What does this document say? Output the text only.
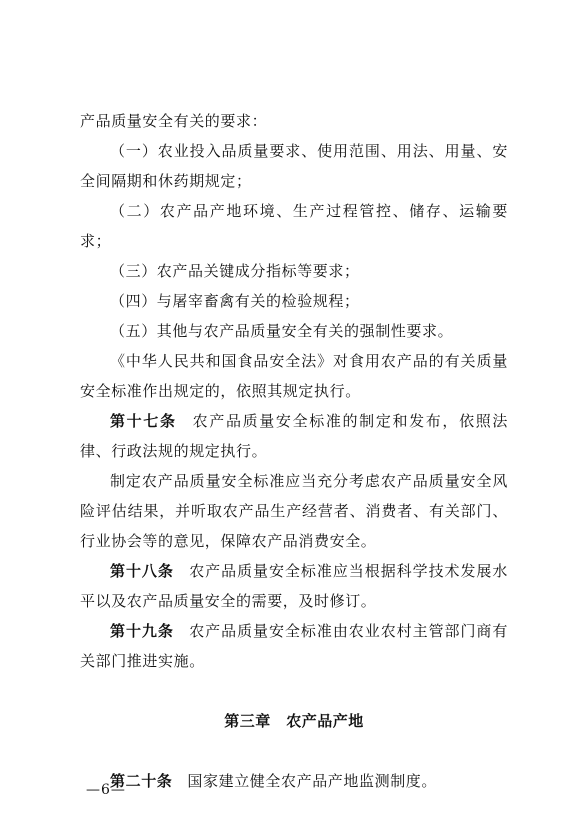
产品质量安全有关的要求：

（一）农业投入品质量要求、使用范围、用法、用量、安全间隔期和休药期规定；

（二）农产品产地环境、生产过程管控、储存、运输要求；

（三）农产品关键成分指标等要求；

（四）与屠宰畜禽有关的检验规程；

（五）其他与农产品质量安全有关的强制性要求。

《中华人民共和国食品安全法》对食用农产品的有关质量安全标准作出规定的，依照其规定执行。

第十七条 农产品质量安全标准的制定和发布，依照法律、行政法规的规定执行。

制定农产品质量安全标准应当充分考虑农产品质量安全风险评估结果，并听取农产品生产经营者、消费者、有关部门、行业协会等的意见，保障农产品消费安全。

第十八条 农产品质量安全标准应当根据科学技术发展水平以及农产品质量安全的需要，及时修订。

第十九条 农产品质量安全标准由农业农村主管部门商有关部门推进实施。

第三章　农产品产地

第二十条 国家建立健全农产品产地监测制度。

—6—
